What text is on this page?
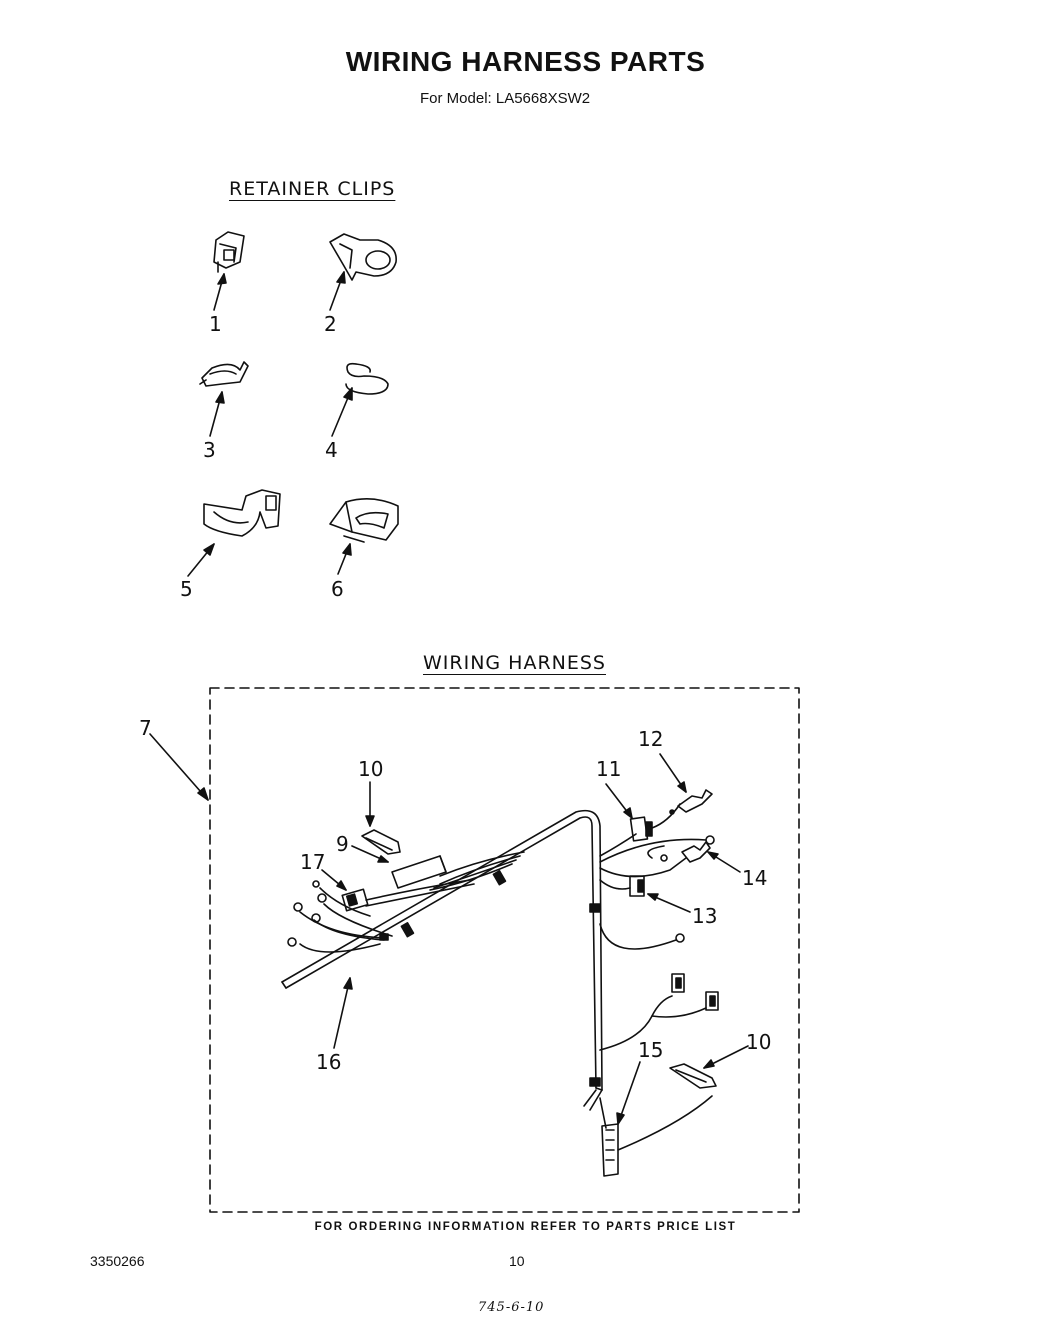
WIRING HARNESS PARTS
For Model: LA5668XSW2
RETAINER CLIPS
WIRING HARNESS
1	2
3	4
5	6
7
10
9
17
11
12
14
13
15	10
16
FOR ORDERING INFORMATION REFER TO PARTS PRICE LIST
3350266	10
745-6-10
